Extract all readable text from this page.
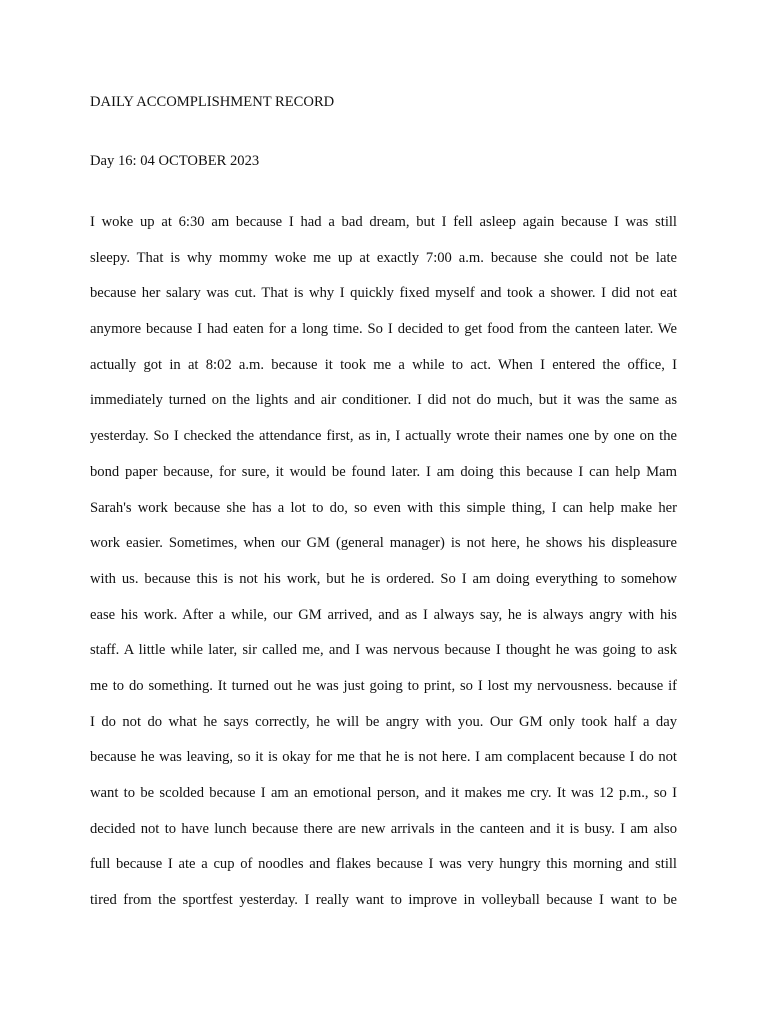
DAILY ACCOMPLISHMENT RECORD
Day 16: 04 OCTOBER 2023
I woke up at 6:30 am because I had a bad dream, but I fell asleep again because I was still
sleepy. That is why mommy woke me up at exactly 7:00 a.m. because she could not be late
because her salary was cut. That is why I quickly fixed myself and took a shower. I did not eat
anymore because I had eaten for a long time. So I decided to get food from the canteen later. We
actually got in at 8:02 a.m. because it took me a while to act. When I entered the office, I
immediately turned on the lights and air conditioner. I did not do much, but it was the same as
yesterday. So I checked the attendance first, as in, I actually wrote their names one by one on the
bond paper because, for sure, it would be found later. I am doing this because I can help Mam
Sarah's work because she has a lot to do, so even with this simple thing, I can help make her
work easier. Sometimes, when our GM (general manager) is not here, he shows his displeasure
with us. because this is not his work, but he is ordered. So I am doing everything to somehow
ease his work. After a while, our GM arrived, and as I always say, he is always angry with his
staff. A little while later, sir called me, and I was nervous because I thought he was going to ask
me to do something. It turned out he was just going to print, so I lost my nervousness. because if
I do not do what he says correctly, he will be angry with you. Our GM only took half a day
because he was leaving, so it is okay for me that he is not here. I am complacent because I do not
want to be scolded because I am an emotional person, and it makes me cry. It was 12 p.m., so I
decided not to have lunch because there are new arrivals in the canteen and it is busy. I am also
full because I ate a cup of noodles and flakes because I was very hungry this morning and still
tired from the sportfest yesterday. I really want to improve in volleyball because I want to be
